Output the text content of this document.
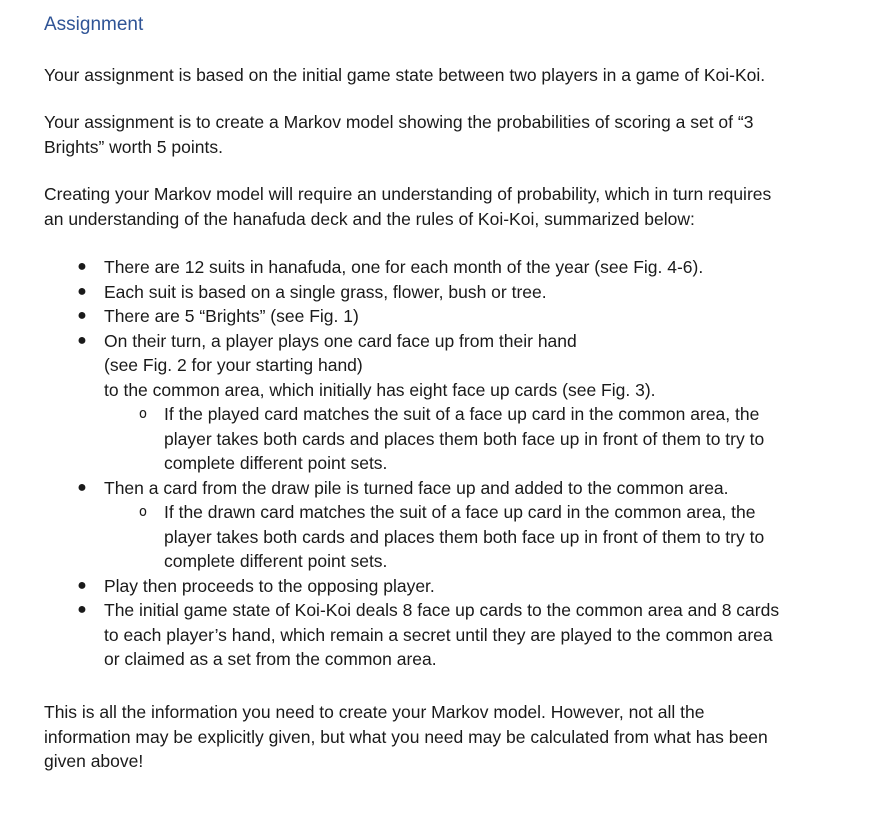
Assignment
Your assignment is based on the initial game state between two players in a game of Koi-Koi.
Your assignment is to create a Markov model showing the probabilities of scoring a set of “3
Brights” worth 5 points.
Creating your Markov model will require an understanding of probability, which in turn requires
an understanding of the hanafuda deck and the rules of Koi-Koi, summarized below:
● There are 12 suits in hanafuda, one for each month of the year (see Fig. 4-6).
● Each suit is based on a single grass, flower, bush or tree.
● There are 5 “Brights” (see Fig. 1)
● On their turn, a player plays one card face up from their hand
(see Fig. 2 for your starting hand)
to the common area, which initially has eight face up cards (see Fig. 3).
o If the played card matches the suit of a face up card in the common area, the
player takes both cards and places them both face up in front of them to try to
complete different point sets.
● Then a card from the draw pile is turned face up and added to the common area.
o If the drawn card matches the suit of a face up card in the common area, the
player takes both cards and places them both face up in front of them to try to
complete different point sets.
● Play then proceeds to the opposing player.
● The initial game state of Koi-Koi deals 8 face up cards to the common area and 8 cards
to each player’s hand, which remain a secret until they are played to the common area
or claimed as a set from the common area.
This is all the information you need to create your Markov model. However, not all the
information may be explicitly given, but what you need may be calculated from what has been
given above!
